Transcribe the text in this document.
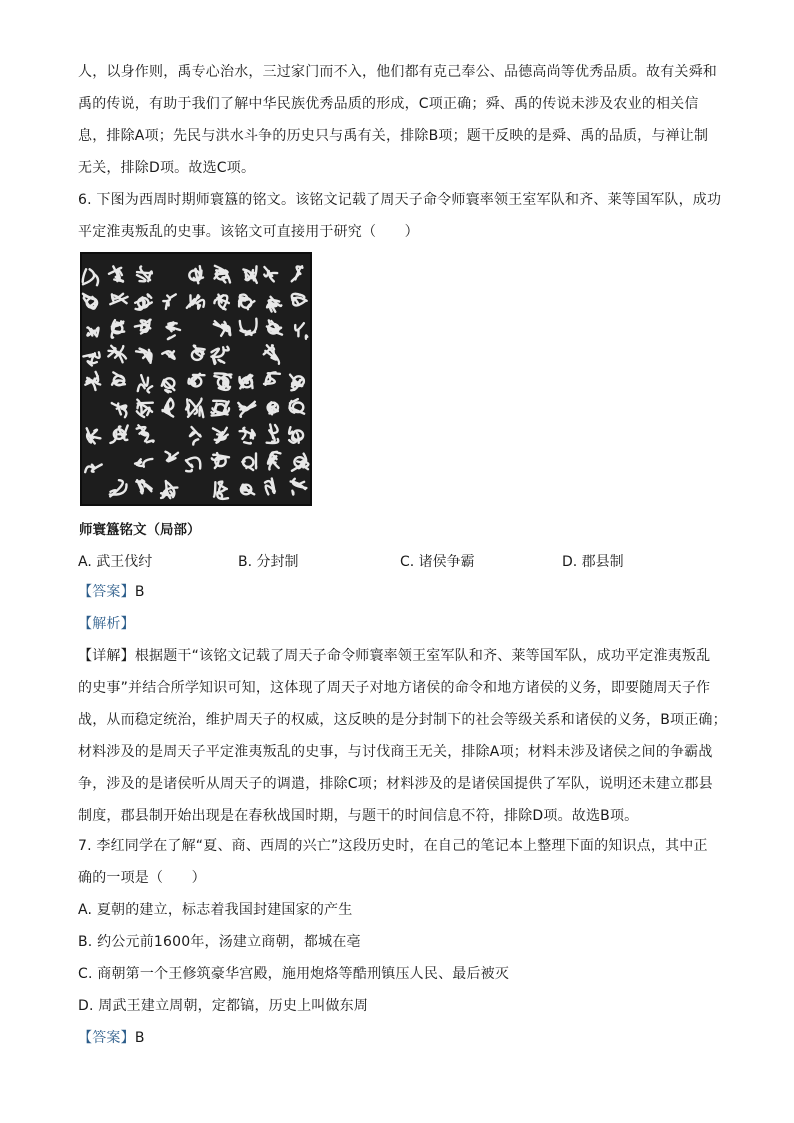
人，以身作则，禹专心治水，三过家门而不入，他们都有克己奉公、品德高尚等优秀品质。故有关舜和
禹的传说，有助于我们了解中华民族优秀品质的形成，C项正确；舜、禹的传说未涉及农业的相关信
息，排除A项；先民与洪水斗争的历史只与禹有关，排除B项；题干反映的是舜、禹的品质，与禅让制
无关，排除D项。故选C项。
6. 下图为西周时期师寰簋的铭文。该铭文记载了周天子命令师寰率领王室军队和齐、莱等国军队，成功
平定淮夷叛乱的史事。该铭文可直接用于研究（　　）
师寰簋铭文（局部）
A. 武王伐纣	B. 分封制	C. 诸侯争霸	D. 郡县制
【答案】B
【解析】
【详解】根据题干“该铭文记载了周天子命令师寰率领王室军队和齐、莱等国军队，成功平定淮夷叛乱
的史事”并结合所学知识可知，这体现了周天子对地方诸侯的命令和地方诸侯的义务，即要随周天子作
战，从而稳定统治，维护周天子的权威，这反映的是分封制下的社会等级关系和诸侯的义务，B项正确；
材料涉及的是周天子平定淮夷叛乱的史事，与讨伐商王无关，排除A项；材料未涉及诸侯之间的争霸战
争，涉及的是诸侯听从周天子的调遣，排除C项；材料涉及的是诸侯国提供了军队，说明还未建立郡县
制度，郡县制开始出现是在春秋战国时期，与题干的时间信息不符，排除D项。故选B项。
7. 李红同学在了解“夏、商、西周的兴亡”这段历史时，在自己的笔记本上整理下面的知识点，其中正
确的一项是（　　）
A. 夏朝的建立，标志着我国封建国家的产生
B. 约公元前1600年，汤建立商朝，都城在亳
C. 商朝第一个王修筑豪华宫殿，施用炮烙等酷刑镇压人民、最后被灭
D. 周武王建立周朝，定都镐，历史上叫做东周
【答案】B
